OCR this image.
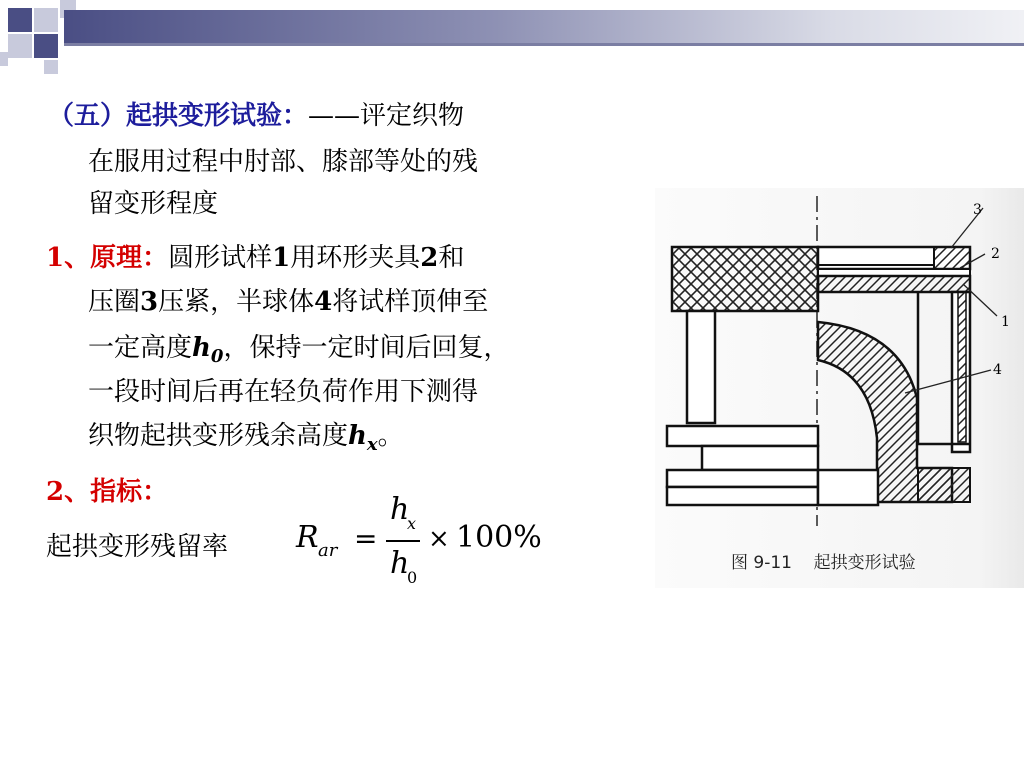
（五）起拱变形试验：——评定织物
在服用过程中肘部、膝部等处的残
留变形程度
1、原理：圆形试样1用环形夹具2和
压圈3压紧，半球体4将试样顶伸至
一定高度$h_0$，保持一定时间后回复，
一段时间后再在轻负荷作用下测得
织物起拱变形残余高度$h_x$。
2、指标：
起拱变形残留率 R ar =
h
x
h
0
× 100%
3
2
1
4
图 9-11    起拱变形试验
